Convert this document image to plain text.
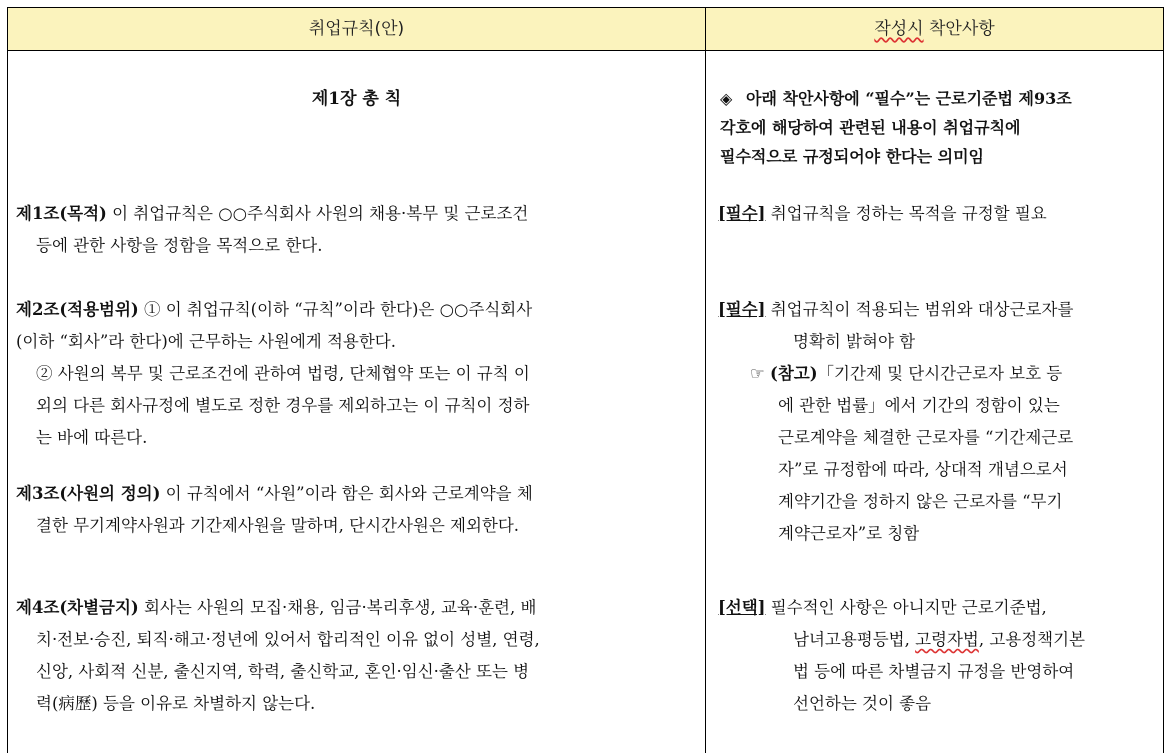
취업규칙(안)	작성시 착안사항
제1장 총 칙	◈ 아래 착안사항에 “필수”는 근로기준법 제93조

각호에 해당하여 관련된 내용이 취업규칙에

필수적으로 규정되어야 한다는 의미임

제1조(목적) 이 취업규칙은 ○○주식회사 사원의 채용·복무 및 근로조건

등에 관한 사항을 정함을 목적으로 한다.

[필수] 취업규칙을 정하는 목적을 규정할 필요

제2조(적용범위) ① 이 취업규칙(이하 “규칙”이라 한다)은 ○○주식회사

(이하 “회사”라 한다)에 근무하는 사원에게 적용한다.

② 사원의 복무 및 근로조건에 관하여 법령, 단체협약 또는 이 규칙 이

외의 다른 회사규정에 별도로 정한 경우를 제외하고는 이 규칙이 정하

는 바에 따른다.

[필수] 취업규칙이 적용되는 범위와 대상근로자를

명확히 밝혀야 함

☞ (참고)「기간제 및 단시간근로자 보호 등

에 관한 법률」에서 기간의 정함이 있는

근로계약을 체결한 근로자를 “기간제근로

자”로 규정함에 따라, 상대적 개념으로서

계약기간을 정하지 않은 근로자를 “무기

계약근로자”로 칭함

제3조(사원의 정의) 이 규칙에서 “사원”이라 함은 회사와 근로계약을 체

결한 무기계약사원과 기간제사원을 말하며, 단시간사원은 제외한다.

제4조(차별금지) 회사는 사원의 모집·채용, 임금·복리후생, 교육·훈련, 배

치·전보·승진, 퇴직·해고·정년에 있어서 합리적인 이유 없이 성별, 연령,

신앙, 사회적 신분, 출신지역, 학력, 출신학교, 혼인·임신·출산 또는 병

력(病歷) 등을 이유로 차별하지 않는다.

[선택] 필수적인 사항은 아니지만 근로기준법,

남녀고용평등법, 고령자법, 고용정책기본

법 등에 따른 차별금지 규정을 반영하여

선언하는 것이 좋음
